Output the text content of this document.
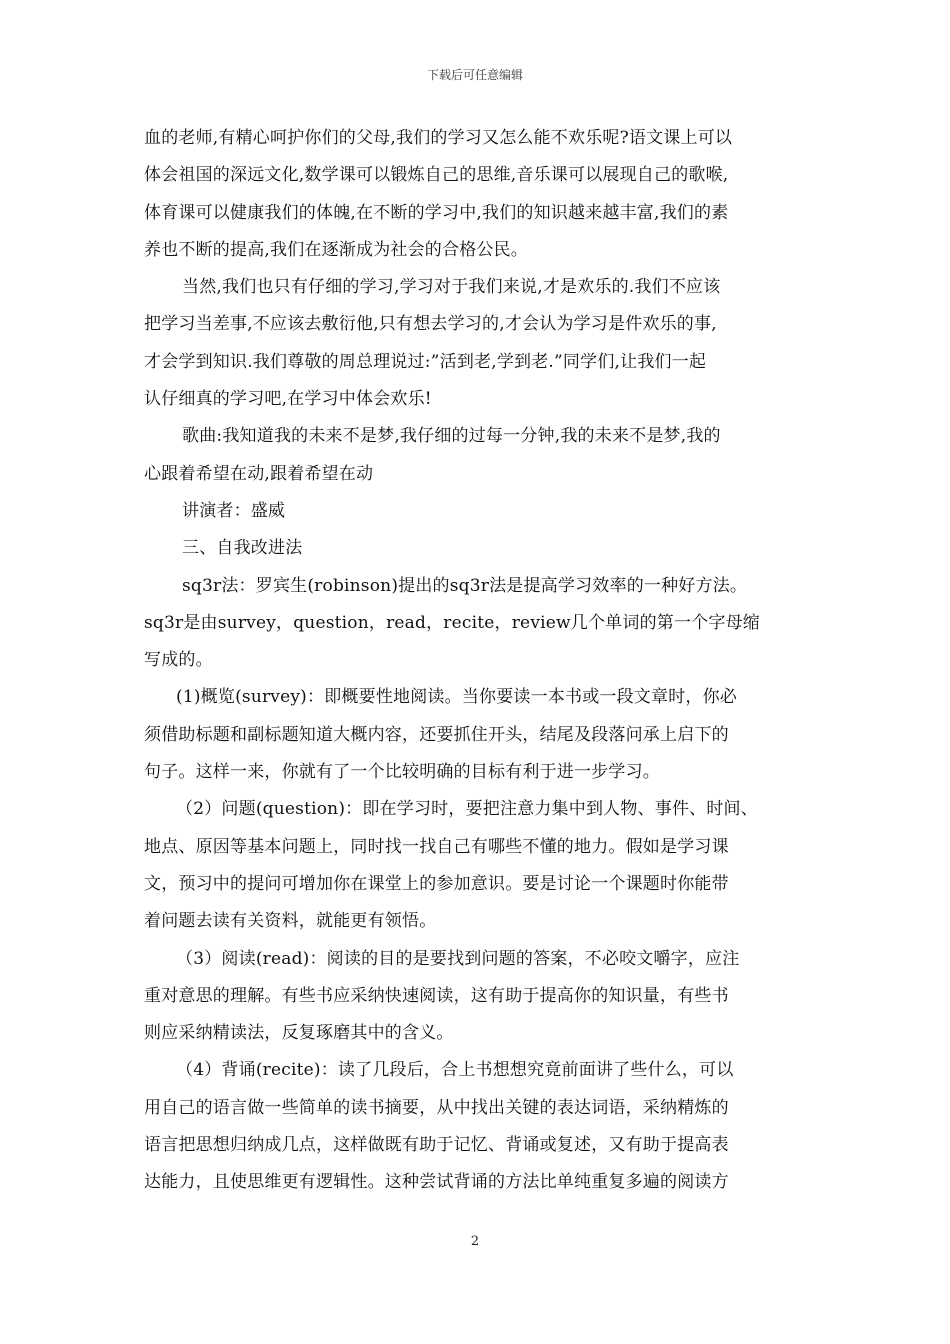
下载后可任意编辑

血的老师,有精心呵护你们的父母,我们的学习又怎么能不欢乐呢?语文课上可以
体会祖国的深远文化,数学课可以锻炼自己的思维,音乐课可以展现自己的歌喉,
体育课可以健康我们的体魄,在不断的学习中,我们的知识越来越丰富,我们的素
养也不断的提高,我们在逐渐成为社会的合格公民。

当然,我们也只有仔细的学习,学习对于我们来说,才是欢乐的.我们不应该
把学习当差事,不应该去敷衍他,只有想去学习的,才会认为学习是件欢乐的事,
才会学到知识.我们尊敬的周总理说过:”活到老,学到老.”同学们,让我们一起
认仔细真的学习吧,在学习中体会欢乐!

歌曲:我知道我的未来不是梦,我仔细的过每一分钟,我的未来不是梦,我的
心跟着希望在动,跟着希望在动

讲演者：盛威

三、自我改进法

sq3r法：罗宾生(robinson)提出的sq3r法是提高学习效率的一种好方法。
sq3r是由survey，question，read，recite，review几个单词的第一个字母缩
写成的。

(1)概览(survey)：即概要性地阅读。当你要读一本书或一段文章时，你必
须借助标题和副标题知道大概内容，还要抓住开头，结尾及段落问承上启下的
句子。这样一来，你就有了一个比较明确的目标有利于进一步学习。

（2）问题(question)：即在学习时，要把注意力集中到人物、事件、时间、
地点、原因等基本问题上，同时找一找自己有哪些不懂的地力。假如是学习课
文，预习中的提问可增加你在课堂上的参加意识。要是讨论一个课题时你能带
着问题去读有关资料，就能更有领悟。

（3）阅读(read)：阅读的目的是要找到问题的答案，不必咬文嚼字，应注
重对意思的理解。有些书应采纳快速阅读，这有助于提高你的知识量，有些书
则应采纳精读法，反复琢磨其中的含义。

（4）背诵(recite)：读了几段后，合上书想想究竟前面讲了些什么，可以
用自己的语言做一些简单的读书摘要，从中找出关键的表达词语，采纳精炼的
语言把思想归纳成几点，这样做既有助于记忆、背诵或复述，又有助于提高表
达能力，且使思维更有逻辑性。这种尝试背诵的方法比单纯重复多遍的阅读方

2
